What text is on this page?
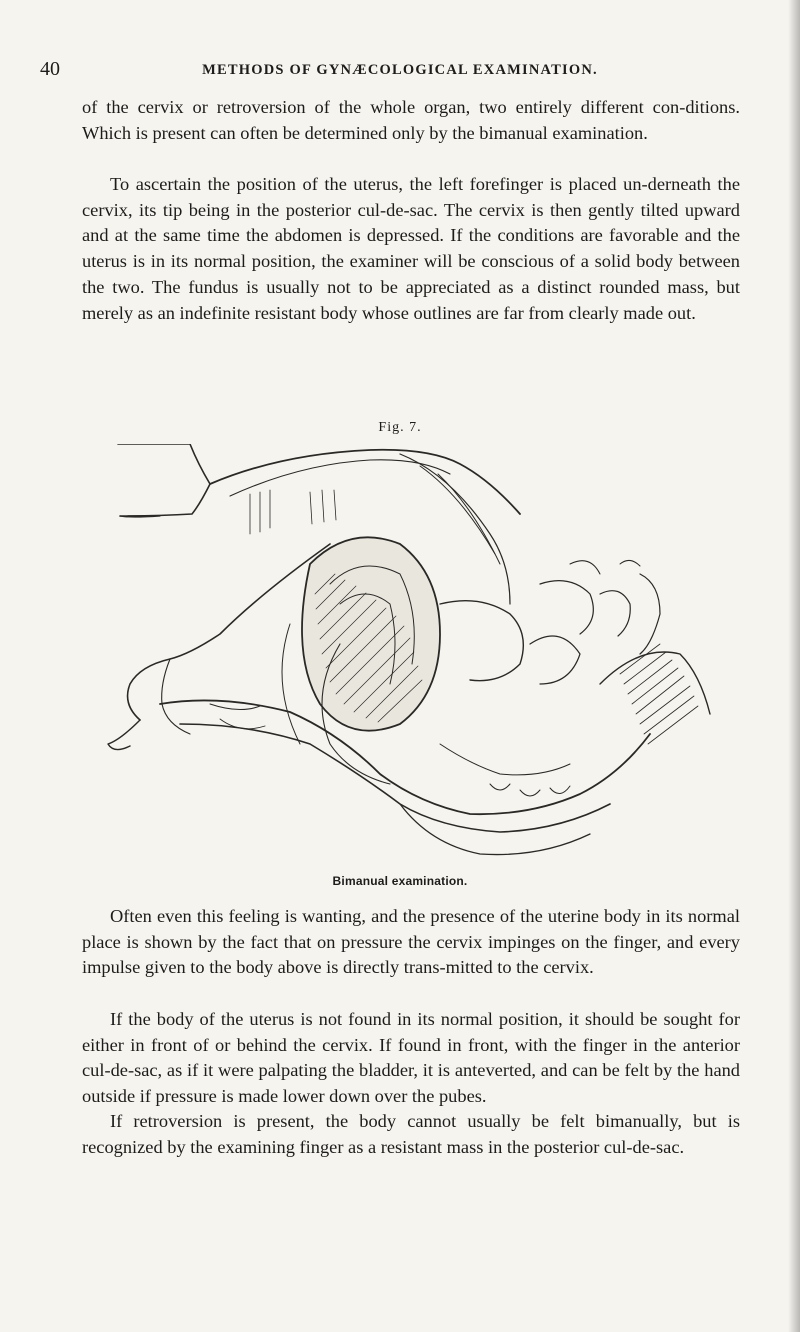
40	METHODS OF GYNÆCOLOGICAL EXAMINATION.

of the cervix or retroversion of the whole organ, two entirely different con-ditions. Which is present can often be determined only by the bimanual examination.

To ascertain the position of the uterus, the left forefinger is placed un-derneath the cervix, its tip being in the posterior cul-de-sac. The cervix is then gently tilted upward and at the same time the abdomen is depressed. If the conditions are favorable and the uterus is in its normal position, the examiner will be conscious of a solid body between the two. The fundus is usually not to be appreciated as a distinct rounded mass, but merely as an indefinite resistant body whose outlines are far from clearly made out.

Fig. 7.
Bimanual examination.

Often even this feeling is wanting, and the presence of the uterine body in its normal place is shown by the fact that on pressure the cervix impinges on the finger, and every impulse given to the body above is directly trans-mitted to the cervix.

If the body of the uterus is not found in its normal position, it should be sought for either in front of or behind the cervix. If found in front, with the finger in the anterior cul-de-sac, as if it were palpating the bladder, it is anteverted, and can be felt by the hand outside if pressure is made lower down over the pubes.

If retroversion is present, the body cannot usually be felt bimanually, but is recognized by the examining finger as a resistant mass in the posterior cul-de-sac.
